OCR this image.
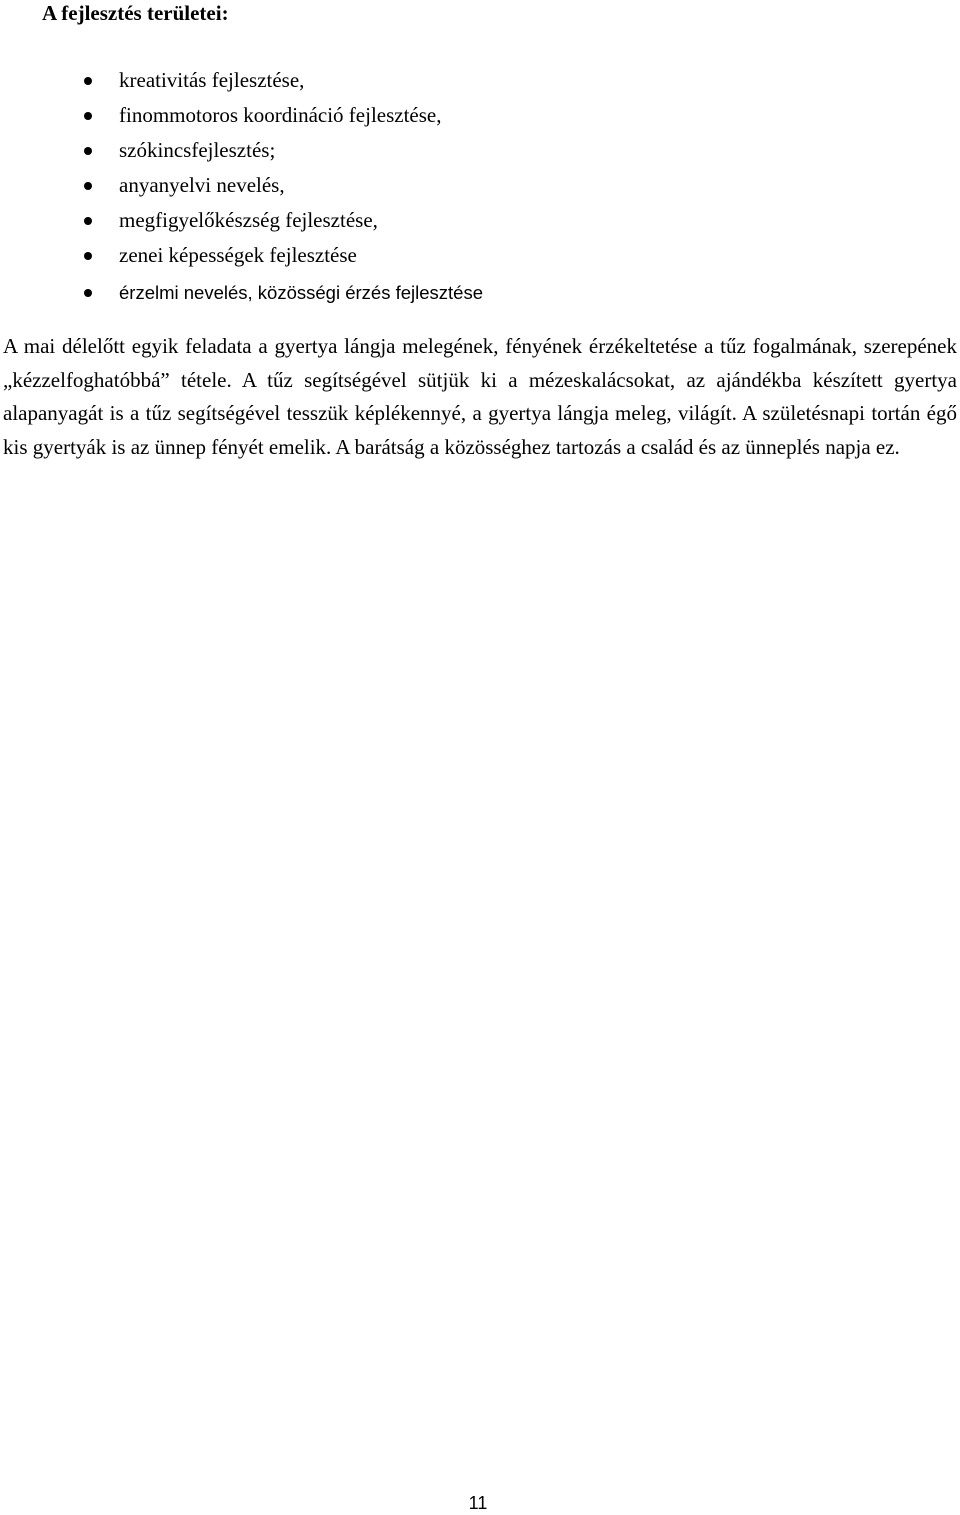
A fejlesztés területei:
kreativitás fejlesztése,
finommotoros koordináció fejlesztése,
szókincsfejlesztés;
anyanyelvi nevelés,
megfigyelőkészség fejlesztése,
zenei képességek fejlesztése
érzelmi nevelés, közösségi érzés fejlesztése

A mai délelőtt egyik feladata a gyertya lángja melegének, fényének érzékeltetése a tűz fogalmának, szerepének „kézzelfoghatóbbá” tétele. A tűz segítségével sütjük ki a mézeskalácsokat, az ajándékba készített gyertya alapanyagát is a tűz segítségével tesszük képlékennyé, a gyertya lángja meleg, világít. A születésnapi tortán égő kis gyertyák is az ünnep fényét emelik. A barátság a közösséghez tartozás a család és az ünneplés napja ez.

11
